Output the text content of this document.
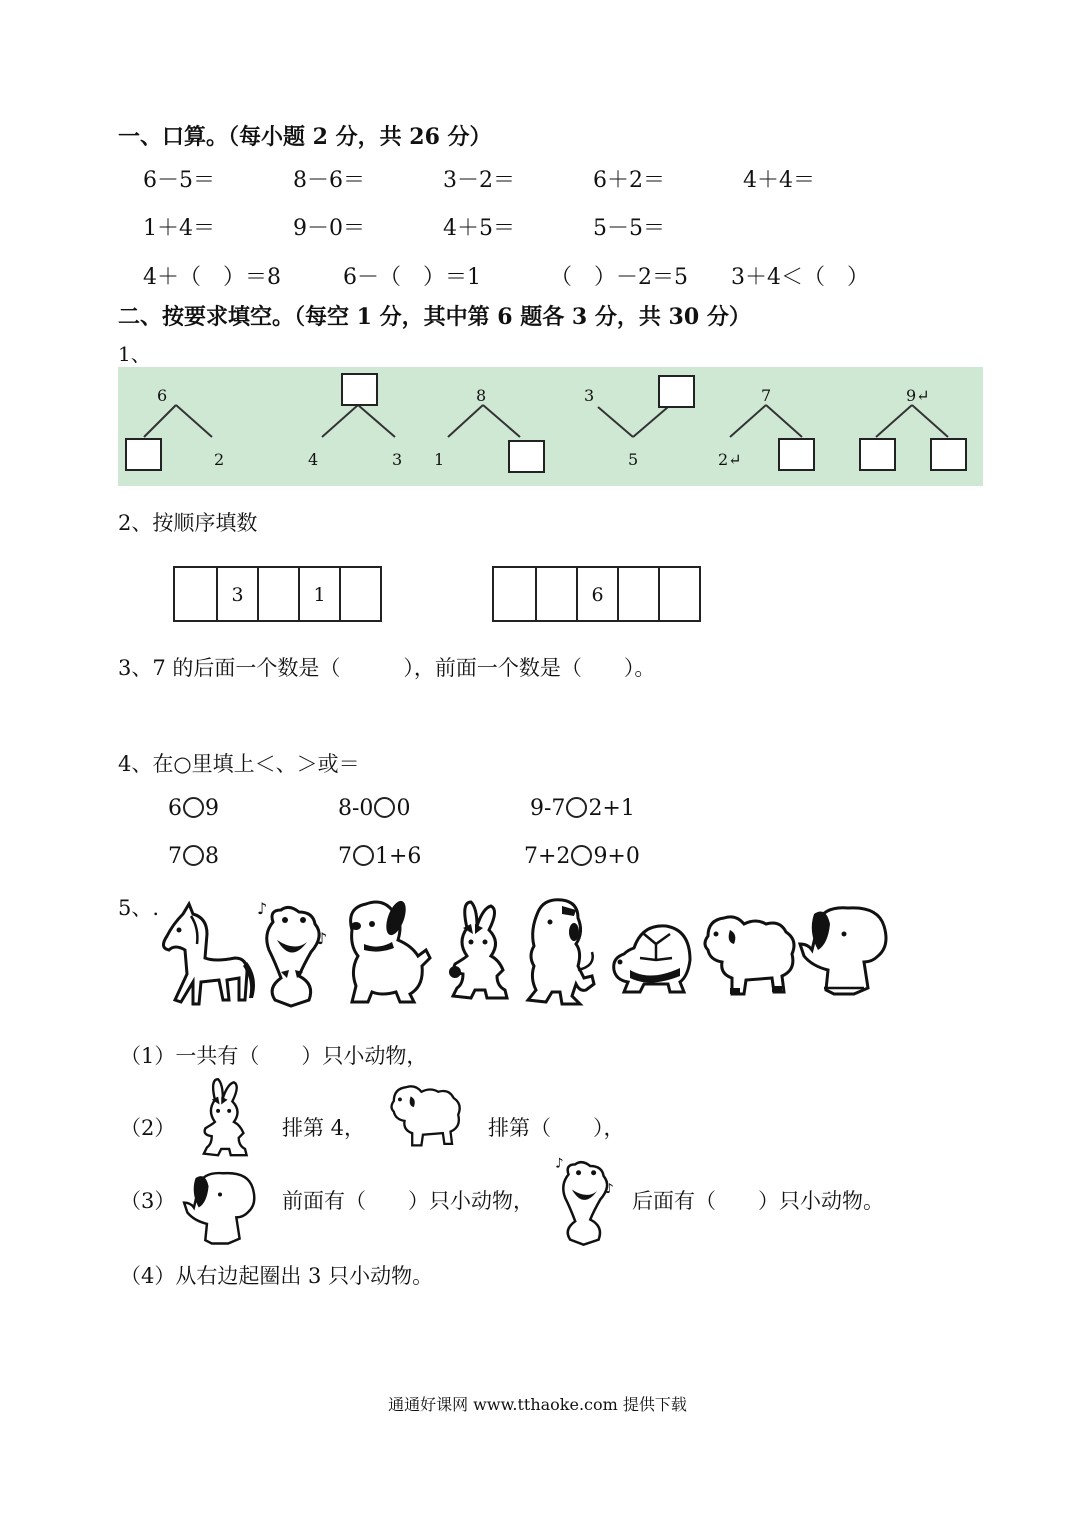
一、口算。（每小题 2 分，共 26 分）
6－5＝	8－6＝	3－2＝	6＋2＝	4＋4＝
1＋4＝	9－0＝	4＋5＝	5－5＝
4＋（　）＝8	6－（　）＝1	（　）－2＝5 3＋4＜（　）
二、按要求填空。（每空 1 分，其中第 6 题各 3 分，共 30 分）
1、
6
2	4	3
8
1
3
5
7
2↵
9↵
2、按顺序填数
3	1	6
3、7 的后面一个数是（　　　），前面一个数是（　　）。
4、在○里填上＜、＞或＝
6 9	8-0 0	9-7 2+1
7 8	7 1+6	7+2 9+0
5、.	♪
♪
（1）一共有（　　）只小动物，
（2）	排第 4，	排第（　　），
（3）	前面有（　　）只小动物，
♪
♪ 后面有（　　）只小动物。
（4）从右边起圈出 3 只小动物。
通通好课网 www.tthaoke.com 提供下载
